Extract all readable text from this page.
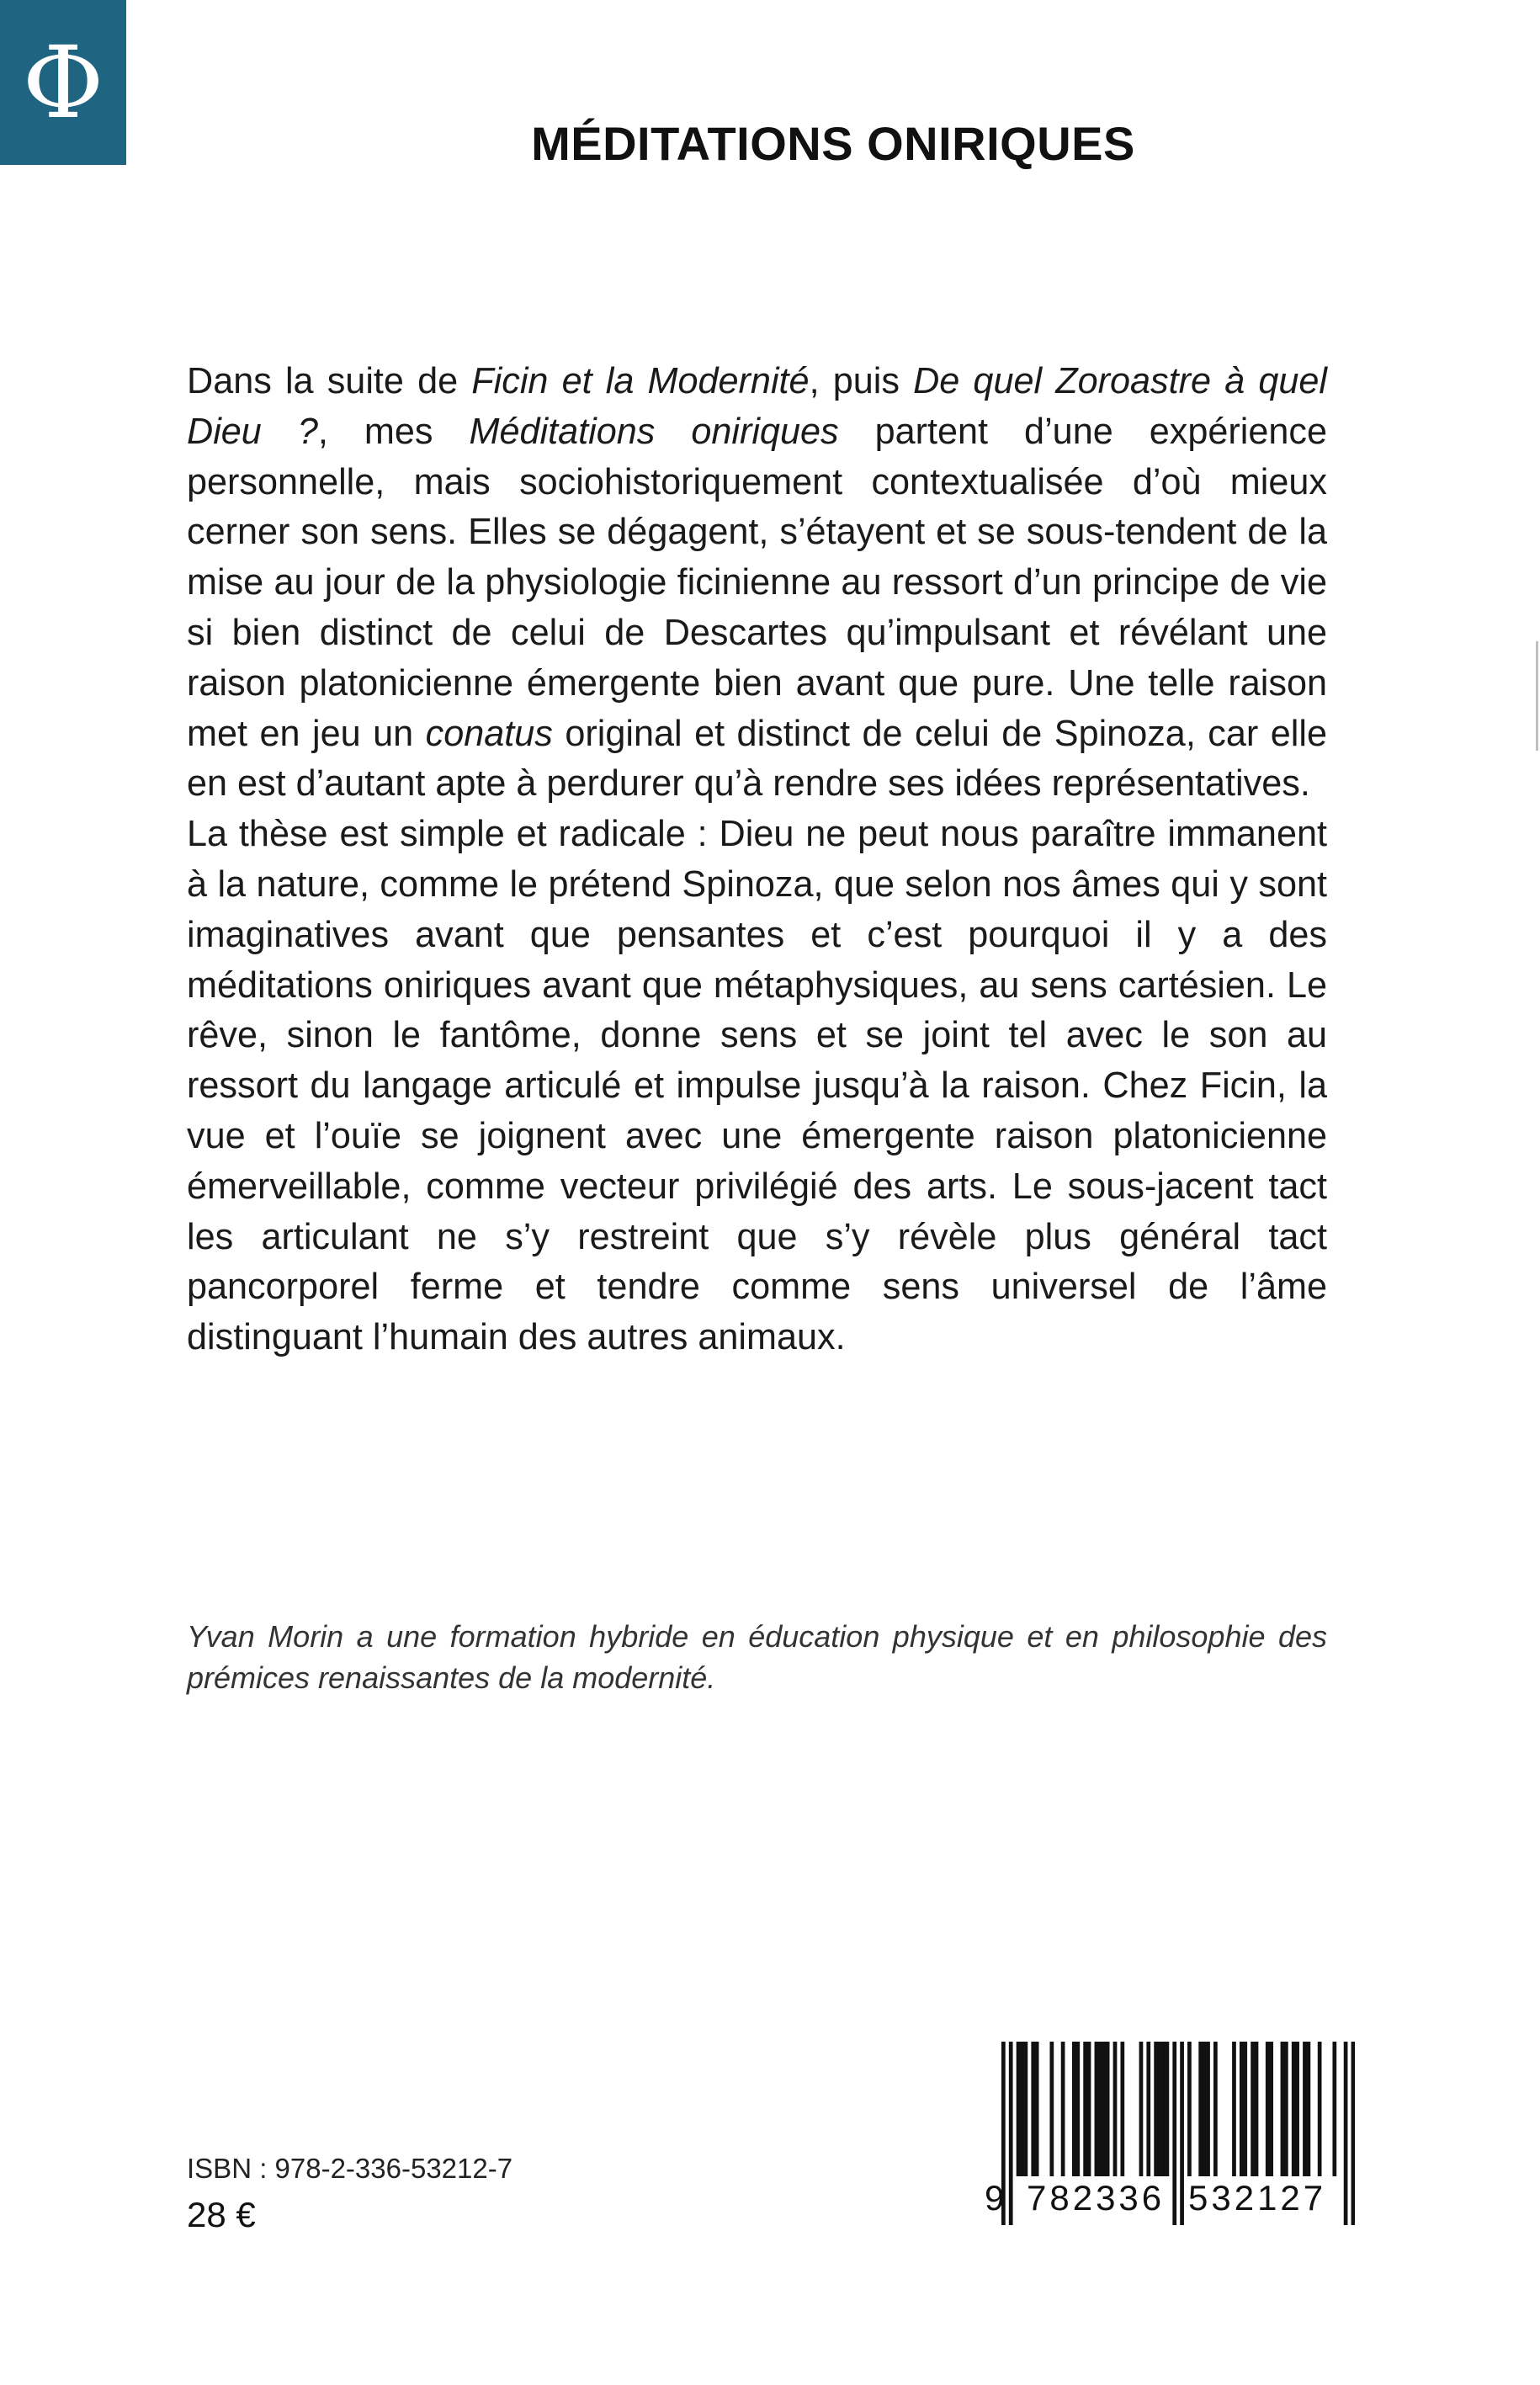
Φ
MÉDITATIONS ONIRIQUES

Dans la suite de Ficin et la Modernité, puis De quel Zoroastre à quel Dieu ?, mes Méditations oniriques partent d’une expérience personnelle, mais sociohistoriquement contextualisée d’où mieux cerner son sens. Elles se dégagent, s’étayent et se sous-tendent de la mise au jour de la physiologie ficinienne au ressort d’un principe de vie si bien distinct de celui de Descartes qu’impulsant et révélant une raison platonicienne émergente bien avant que pure. Une telle raison met en jeu un conatus original et distinct de celui de Spinoza, car elle en est d’autant apte à perdurer qu’à rendre ses idées représentatives.

La thèse est simple et radicale : Dieu ne peut nous paraître immanent à la nature, comme le prétend Spinoza, que selon nos âmes qui y sont imaginatives avant que pensantes et c’est pourquoi il y a des méditations oniriques avant que métaphysiques, au sens cartésien. Le rêve, sinon le fantôme, donne sens et se joint tel avec le son au ressort du langage articulé et impulse jusqu’à la raison. Chez Ficin, la vue et l’ouïe se joignent avec une émergente raison platonicienne émerveillable, comme vecteur privilégié des arts. Le sous-jacent tact les articulant ne s’y restreint que s’y révèle plus général tact pancorporel ferme et tendre comme sens universel de l’âme distinguant l’humain des autres animaux.

Yvan Morin a une formation hybride en éducation physique et en philosophie des prémices renaissantes de la modernité.

ISBN : 978-2-336-53212-7

28 €	9 782336 532127
